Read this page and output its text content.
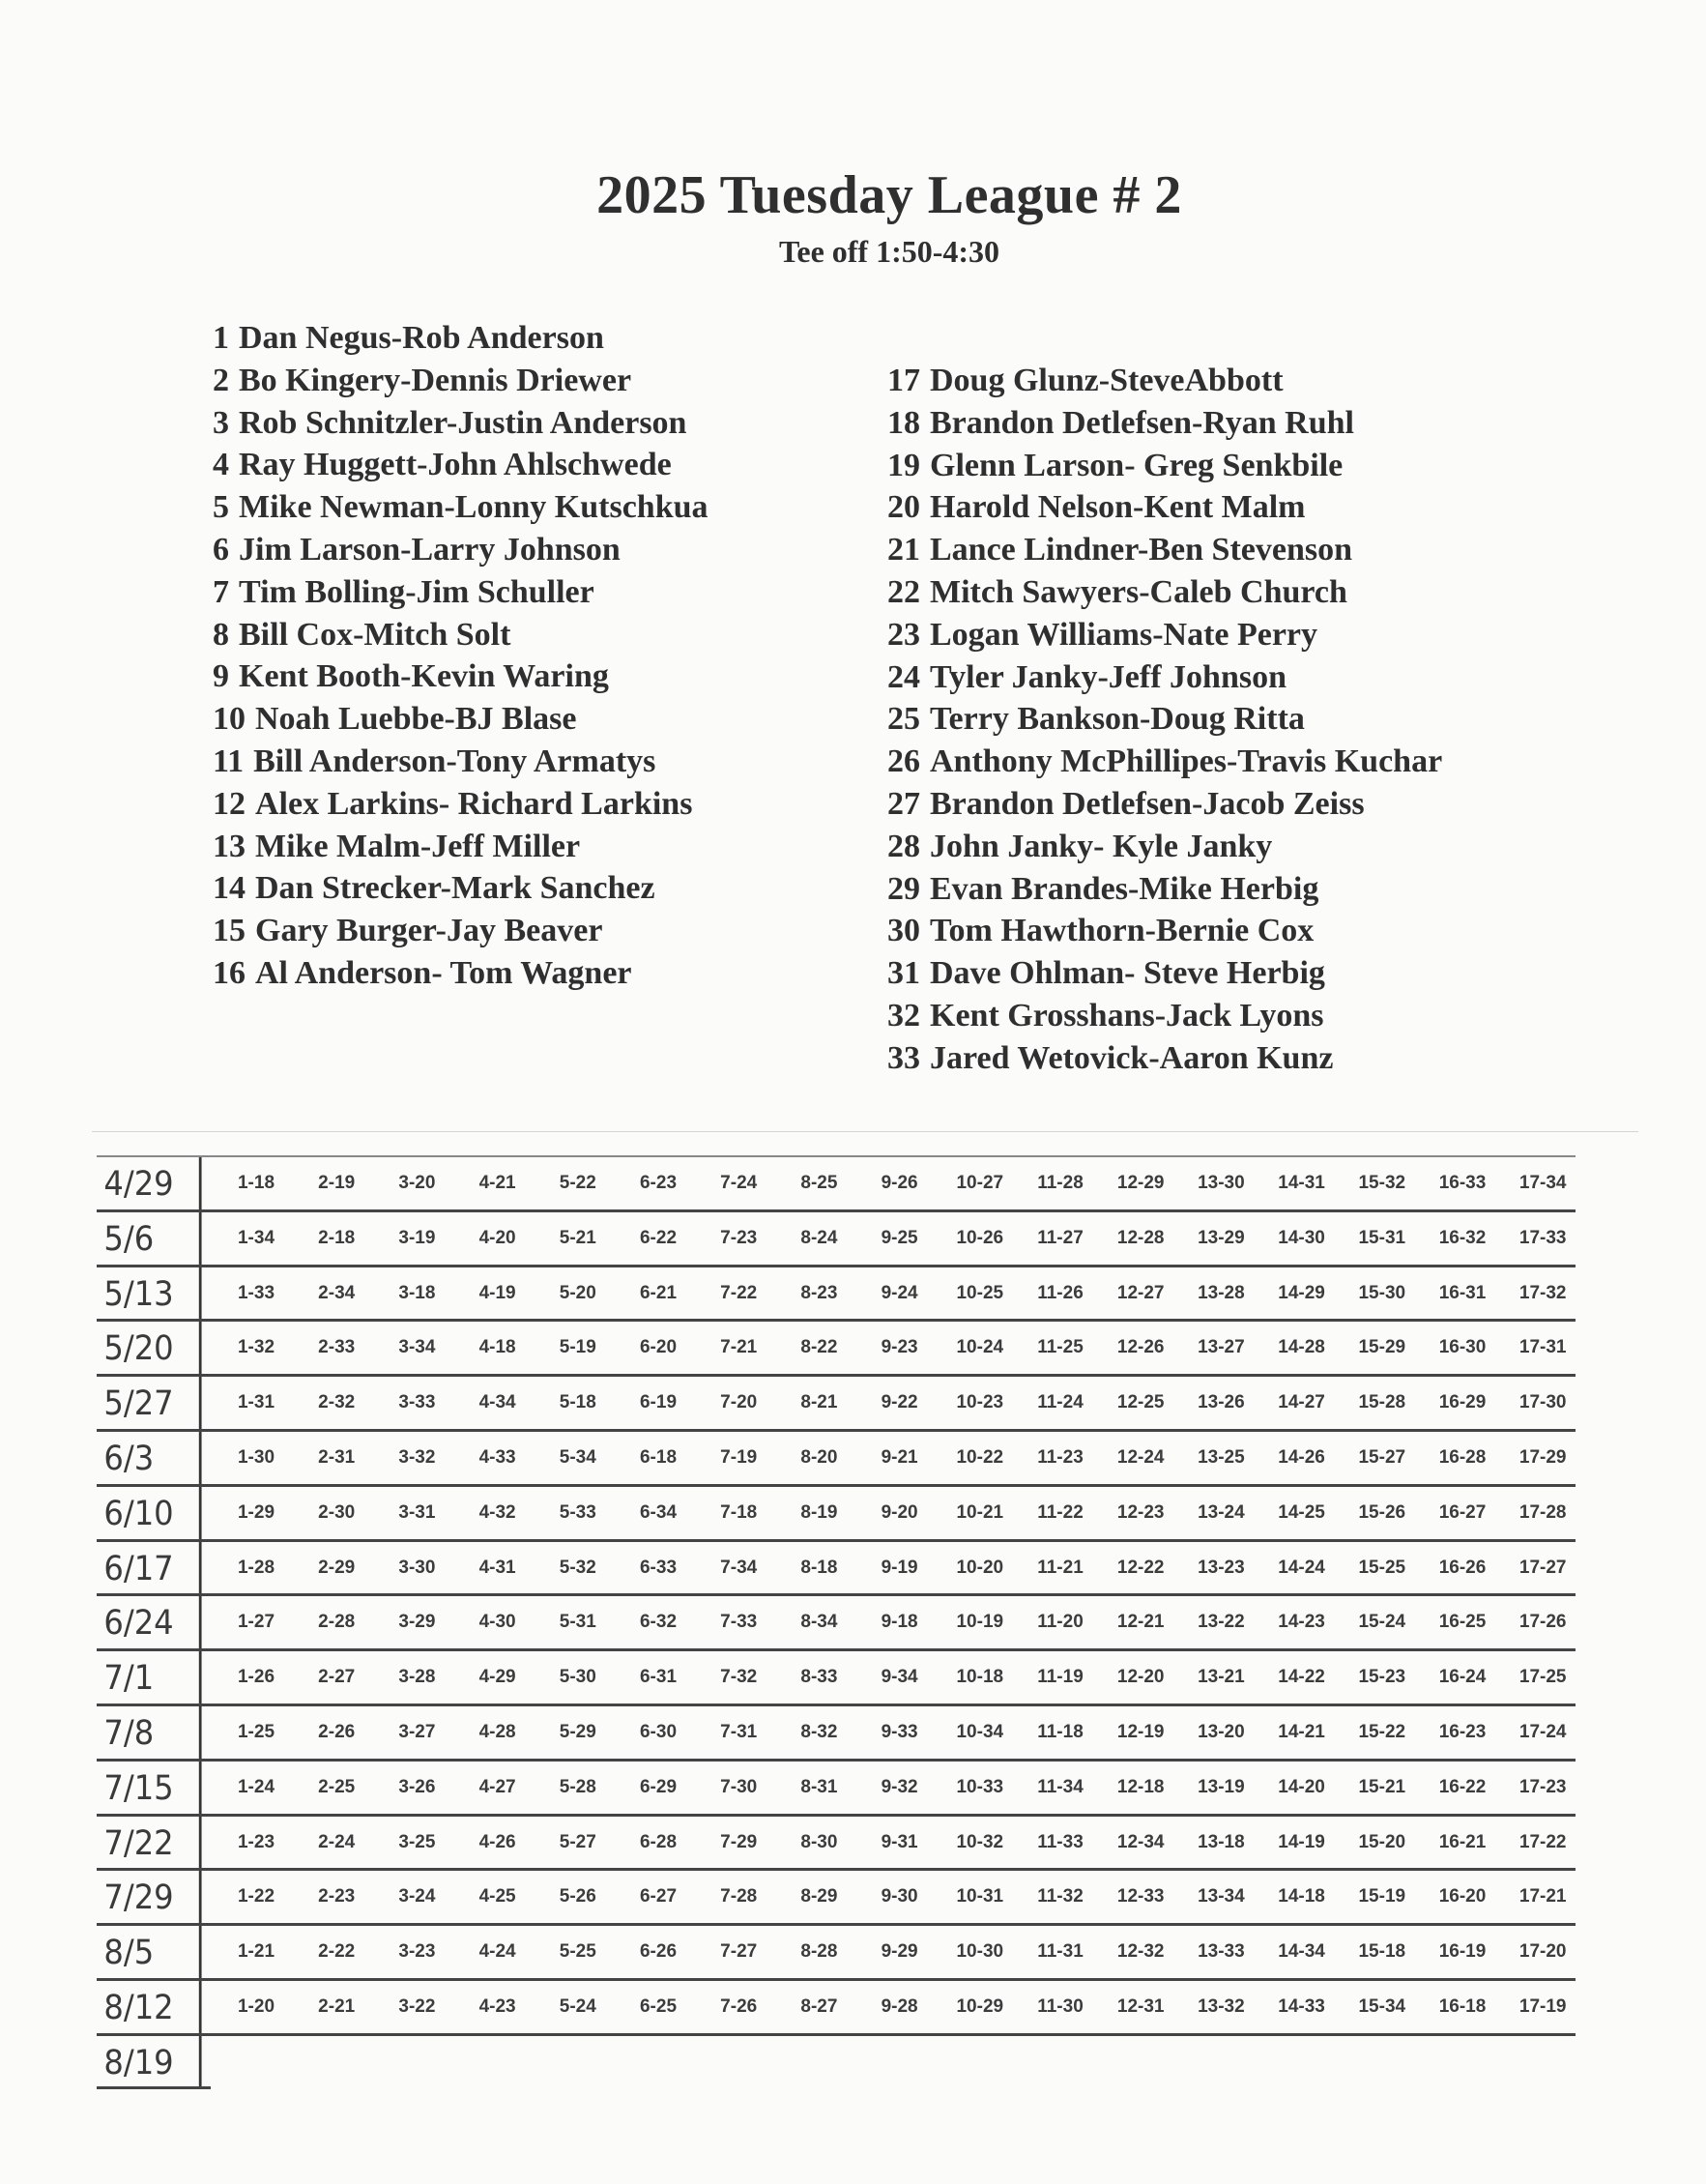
2025 Tuesday League # 2
Tee off 1:50-4:30
1 Dan Negus-Rob Anderson
2 Bo Kingery-Dennis Driewer
3 Rob Schnitzler-Justin Anderson
4 Ray Huggett-John Ahlschwede
5 Mike Newman-Lonny Kutschkua
6 Jim Larson-Larry Johnson
7 Tim Bolling-Jim Schuller
8 Bill Cox-Mitch Solt
9 Kent Booth-Kevin Waring
10 Noah Luebbe-BJ Blase
11 Bill Anderson-Tony Armatys
12 Alex Larkins- Richard Larkins
13 Mike Malm-Jeff Miller
14 Dan Strecker-Mark Sanchez
15 Gary Burger-Jay Beaver
16 Al Anderson- Tom Wagner
17 Doug Glunz-SteveAbbott
18 Brandon Detlefsen-Ryan Ruhl
19 Glenn Larson- Greg Senkbile
20 Harold Nelson-Kent Malm
21 Lance Lindner-Ben Stevenson
22 Mitch Sawyers-Caleb Church
23 Logan Williams-Nate Perry
24 Tyler Janky-Jeff Johnson
25 Terry Bankson-Doug Ritta
26 Anthony McPhillipes-Travis Kuchar
27 Brandon Detlefsen-Jacob Zeiss
28 John Janky- Kyle Janky
29 Evan Brandes-Mike Herbig
30 Tom Hawthorn-Bernie Cox
31 Dave Ohlman- Steve Herbig
32 Kent Grosshans-Jack Lyons
33 Jared Wetovick-Aaron Kunz
4/29	1-18	2-19	3-20	4-21	5-22	6-23	7-24	8-25	9-26	10-27	11-28	12-29	13-30	14-31	15-32	16-33	17-34
5/6	1-34	2-18	3-19	4-20	5-21	6-22	7-23	8-24	9-25	10-26	11-27	12-28	13-29	14-30	15-31	16-32	17-33
5/13	1-33	2-34	3-18	4-19	5-20	6-21	7-22	8-23	9-24	10-25	11-26	12-27	13-28	14-29	15-30	16-31	17-32
5/20	1-32	2-33	3-34	4-18	5-19	6-20	7-21	8-22	9-23	10-24	11-25	12-26	13-27	14-28	15-29	16-30	17-31
5/27	1-31	2-32	3-33	4-34	5-18	6-19	7-20	8-21	9-22	10-23	11-24	12-25	13-26	14-27	15-28	16-29	17-30
6/3	1-30	2-31	3-32	4-33	5-34	6-18	7-19	8-20	9-21	10-22	11-23	12-24	13-25	14-26	15-27	16-28	17-29
6/10	1-29	2-30	3-31	4-32	5-33	6-34	7-18	8-19	9-20	10-21	11-22	12-23	13-24	14-25	15-26	16-27	17-28
6/17	1-28	2-29	3-30	4-31	5-32	6-33	7-34	8-18	9-19	10-20	11-21	12-22	13-23	14-24	15-25	16-26	17-27
6/24	1-27	2-28	3-29	4-30	5-31	6-32	7-33	8-34	9-18	10-19	11-20	12-21	13-22	14-23	15-24	16-25	17-26
7/1	1-26	2-27	3-28	4-29	5-30	6-31	7-32	8-33	9-34	10-18	11-19	12-20	13-21	14-22	15-23	16-24	17-25
7/8	1-25	2-26	3-27	4-28	5-29	6-30	7-31	8-32	9-33	10-34	11-18	12-19	13-20	14-21	15-22	16-23	17-24
7/15	1-24	2-25	3-26	4-27	5-28	6-29	7-30	8-31	9-32	10-33	11-34	12-18	13-19	14-20	15-21	16-22	17-23
7/22	1-23	2-24	3-25	4-26	5-27	6-28	7-29	8-30	9-31	10-32	11-33	12-34	13-18	14-19	15-20	16-21	17-22
7/29	1-22	2-23	3-24	4-25	5-26	6-27	7-28	8-29	9-30	10-31	11-32	12-33	13-34	14-18	15-19	16-20	17-21
8/5	1-21	2-22	3-23	4-24	5-25	6-26	7-27	8-28	9-29	10-30	11-31	12-32	13-33	14-34	15-18	16-19	17-20
8/12	1-20	2-21	3-22	4-23	5-24	6-25	7-26	8-27	9-28	10-29	11-30	12-31	13-32	14-33	15-34	16-18	17-19
8/19
